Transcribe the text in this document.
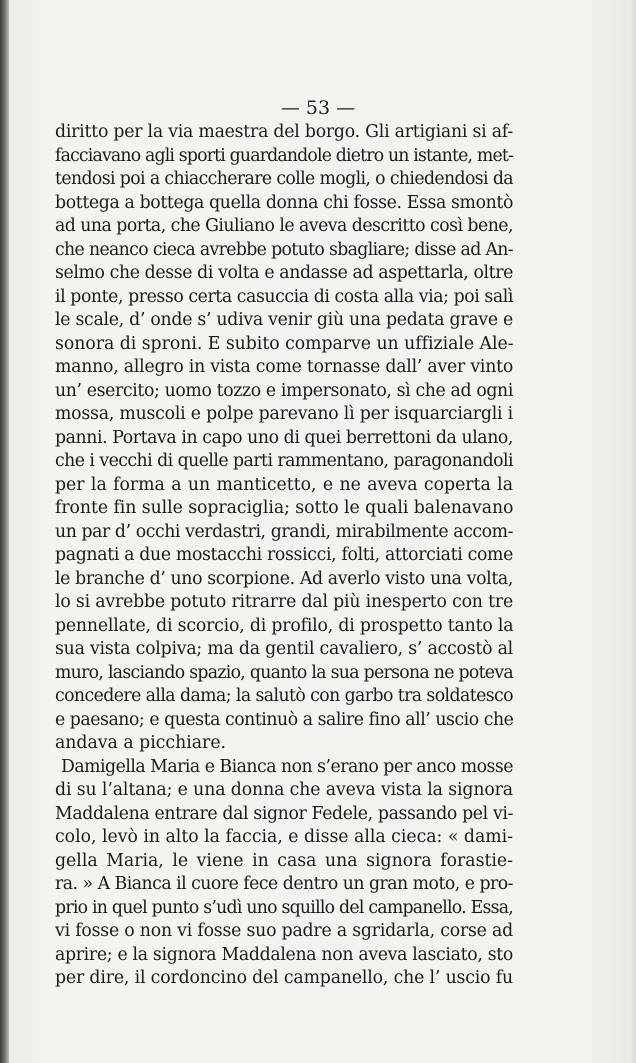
— 53 —

diritto per la via maestra del borgo. Gli artigiani si af-
facciavano agli sporti guardandole dietro un istante, met-
tendosi poi a chiaccherare colle mogli, o chiedendosi da
bottega a bottega quella donna chi fosse. Essa smontò
ad una porta, che Giuliano le aveva descritto così bene,
che neanco cieca avrebbe potuto sbagliare; disse ad An-
selmo che desse di volta e andasse ad aspettarla, oltre
il ponte, presso certa casuccia di costa alla via; poi salì
le scale, d’ onde s’ udiva venir giù una pedata grave e
sonora di sproni. E subito comparve un uffiziale Ale-
manno, allegro in vista come tornasse dall’ aver vinto
un’ esercito; uomo tozzo e impersonato, sì che ad ogni
mossa, muscoli e polpe parevano lì per isquarciargli i
panni. Portava in capo uno di quei berrettoni da ulano,
che i vecchi di quelle parti rammentano, paragonandoli
per la forma a un manticetto, e ne aveva coperta la
fronte fin sulle sopraciglia; sotto le quali balenavano
un par d’ occhi verdastri, grandi, mirabilmente accom-
pagnati a due mostacchi rossicci, folti, attorciati come
le branche d’ uno scorpione. Ad averlo visto una volta,
lo si avrebbe potuto ritrarre dal più inesperto con tre
pennellate, di scorcio, di profilo, di prospetto tanto la
sua vista colpiva; ma da gentil cavaliero, s’ accostò al
muro, lasciando spazio, quanto la sua persona ne poteva
concedere alla dama; la salutò con garbo tra soldatesco
e paesano; e questa continuò a salire fino all’ uscio che
andava a picchiare.
Damigella Maria e Bianca non s’erano per anco mosse
di su l’altana; e una donna che aveva vista la signora
Maddalena entrare dal signor Fedele, passando pel vi-
colo, levò in alto la faccia, e disse alla cieca: « dami-
gella Maria, le viene in casa una signora forastie-
ra. » A Bianca il cuore fece dentro un gran moto, e pro-
prio in quel punto s’udì uno squillo del campanello. Essa,
vi fosse o non vi fosse suo padre a sgridarla, corse ad
aprire; e la signora Maddalena non aveva lasciato, sto
per dire, il cordoncino del campanello, che l’ uscio fu
